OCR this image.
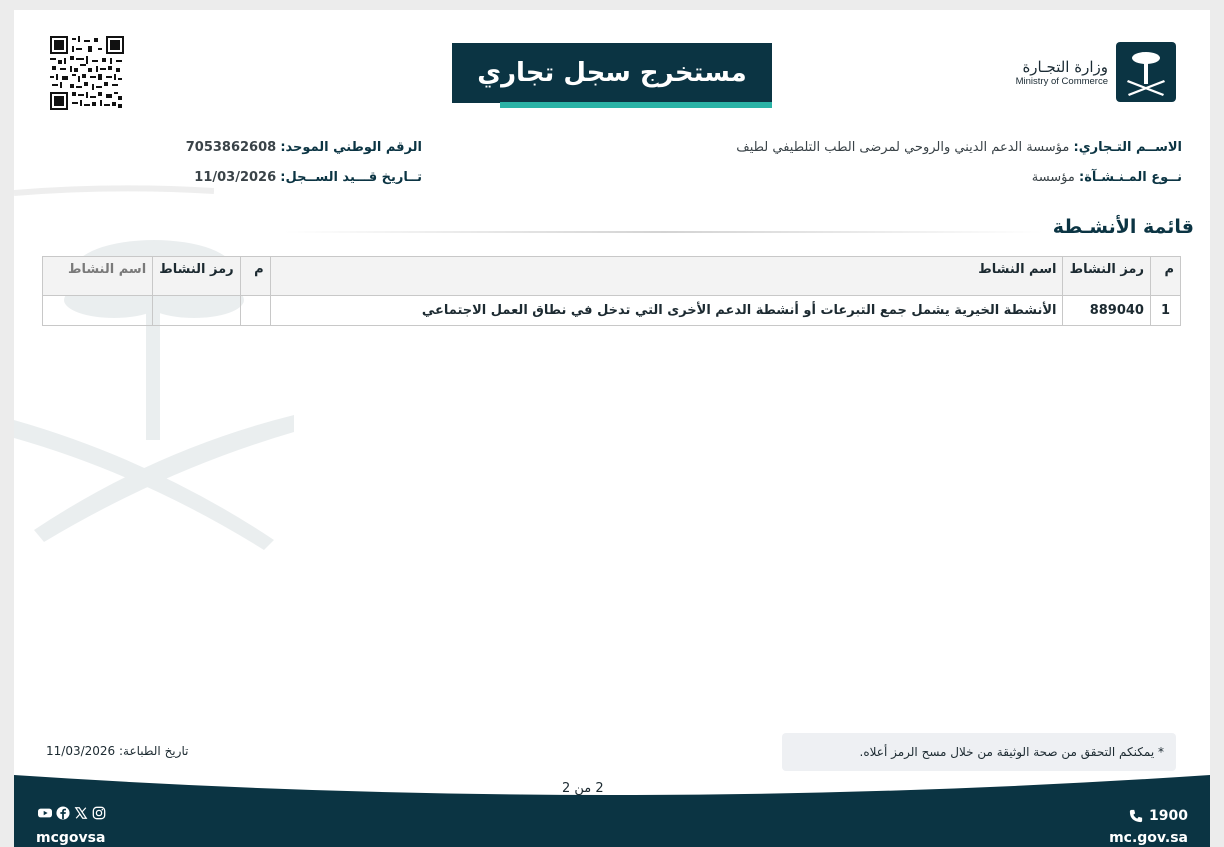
وزارة التجـارة
Ministry of Commerce
مستخرج سجل تجاري
الاســم التـجاري: مؤسسة الدعم الديني والروحي لمرضى الطب التلطيفي لطيف
نــوع المـنـشـآة: مؤسسة
الرقم الوطني الموحد: 7053862608
تــاريخ قـــيد الســجل: 11/03/2026
قائمة الأنشـطة
م	رمز النشاط	اسم النشاط	م	رمز النشاط	اسم النشاط
1	889040	الأنشطة الخيرية يشمل جمع التبرعات أو أنشطة الدعم الأخرى التي تدخل في نطاق العمل الاجتماعي			
* يمكنكم التحقق من صحة الوثيقة من خلال مسح الرمز أعلاه.
تاريخ الطباعة: 11/03/2026
2 من 2
1900
mc.gov.sa
mcgovsa
